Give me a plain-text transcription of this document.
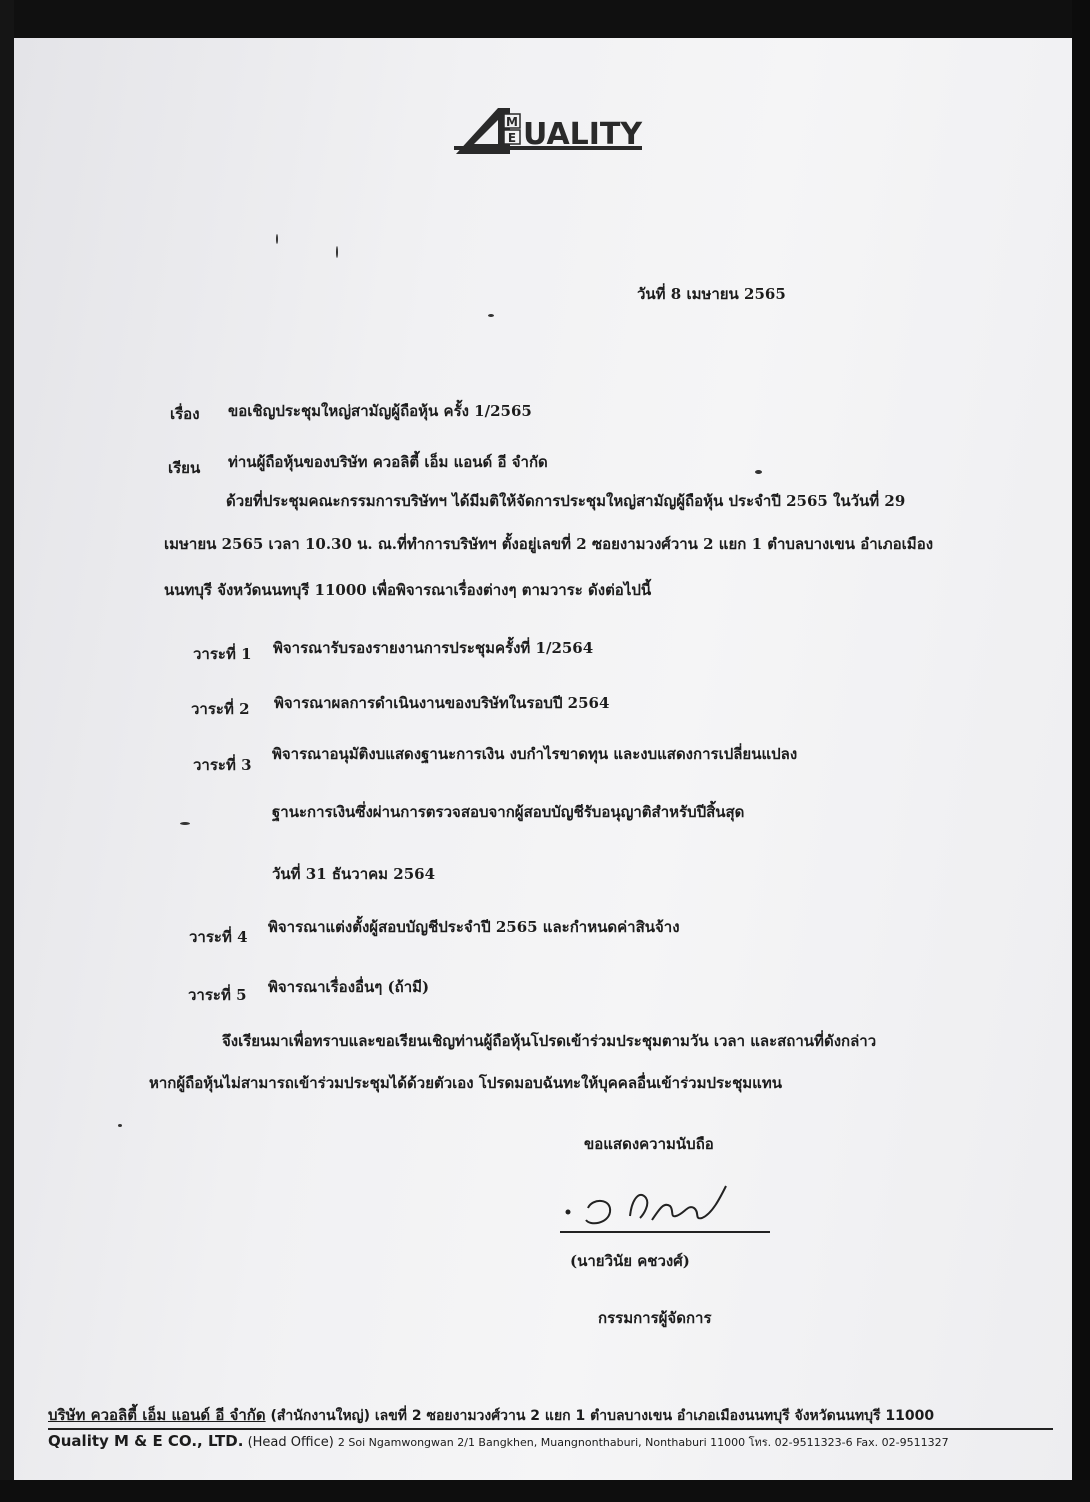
M
E UALITY
วันที่ 8 เมษายน 2565
เรื่อง ขอเชิญประชุมใหญ่สามัญผู้ถือหุ้น ครั้ง 1/2565
เรียน ท่านผู้ถือหุ้นของบริษัท ควอลิตี้ เอ็ม แอนด์ อี จำกัด
ด้วยที่ประชุมคณะกรรมการบริษัทฯ ได้มีมติให้จัดการประชุมใหญ่สามัญผู้ถือหุ้น ประจำปี 2565 ในวันที่ 29
เมษายน 2565 เวลา 10.30 น. ณ.ที่ทำการบริษัทฯ ตั้งอยู่เลขที่ 2 ซอยงามวงศ์วาน 2 แยก 1 ตำบลบางเขน อำเภอเมือง
นนทบุรี จังหวัดนนทบุรี 11000 เพื่อพิจารณาเรื่องต่างๆ ตามวาระ ดังต่อไปนี้
วาระที่ 1 พิจารณารับรองรายงานการประชุมครั้งที่ 1/2564
วาระที่ 2 พิจารณาผลการดำเนินงานของบริษัทในรอบปี 2564
วาระที่ 3
พิจารณาอนุมัติงบแสดงฐานะการเงิน งบกำไรขาดทุน และงบแสดงการเปลี่ยนแปลง
ฐานะการเงินซึ่งผ่านการตรวจสอบจากผู้สอบบัญชีรับอนุญาติสำหรับปีสิ้นสุด
วันที่ 31 ธันวาคม 2564
วาระที่ 4
พิจารณาแต่งตั้งผู้สอบบัญชีประจำปี 2565 และกำหนดค่าสินจ้าง
วาระที่ 5 พิจารณาเรื่องอื่นๆ (ถ้ามี)
จึงเรียนมาเพื่อทราบและขอเรียนเชิญท่านผู้ถือหุ้นโปรดเข้าร่วมประชุมตามวัน เวลา และสถานที่ดังกล่าว
หากผู้ถือหุ้นไม่สามารถเข้าร่วมประชุมได้ด้วยตัวเอง โปรดมอบฉันทะให้บุคคลอื่นเข้าร่วมประชุมแทน
ขอแสดงความนับถือ
(นายวินัย คชวงศ์)
กรรมการผู้จัดการ
บริษัท ควอลิตี้ เอ็ม แอนด์ อี จำกัด (สำนักงานใหญ่) เลขที่ 2 ซอยงามวงศ์วาน 2 แยก 1 ตำบลบางเขน อำเภอเมืองนนทบุรี จังหวัดนนทบุรี 11000
Quality M & E CO., LTD. (Head Office) 2 Soi Ngamwongwan 2/1 Bangkhen, Muangnonthaburi, Nonthaburi 11000 โทร. 02-9511323-6 Fax. 02-9511327
